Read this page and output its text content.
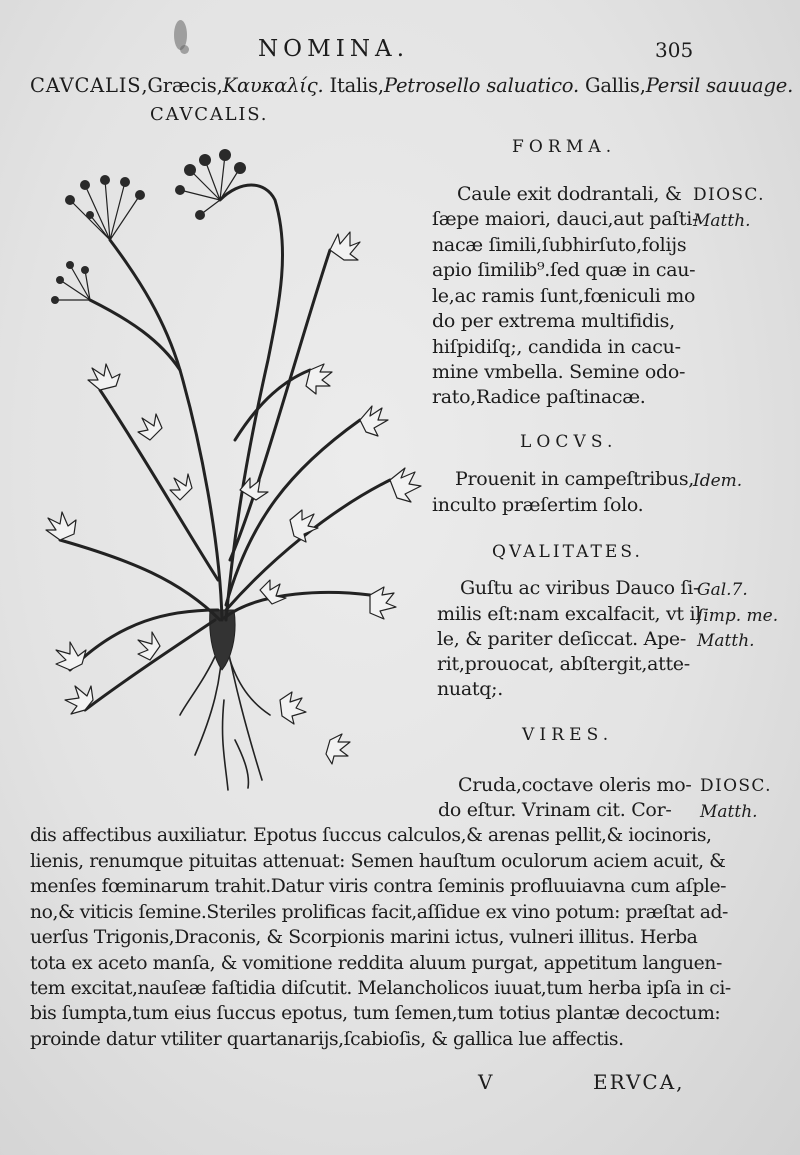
NOMINA.	305
CAVCALIS,Græcis,Καυκαλίς. Italis,Petrosello saluatico. Gallis,Persil sauuage.
CAVCALIS.
FORMA.
Caule exit dodrantali, &
ſæpe maiori, dauci,aut paſti-
nacæ ſimili,ſubhirſuto,folijs
apio ſimilib⁹.ſed quæ in cau-
le,ac ramis ſunt,fœniculi mo
do per extrema multifidis,
hiſpidiſq;, candida in cacu-
mine vmbella. Semine odo-
rato,Radice paſtinacæ.
DIOSC.
Matth.
LOCVS.
Prouenit in campeſtribus,
inculto præſertim ſolo.
Idem.
QVALITATES.
Guſtu ac viribus Dauco ſi-
milis eſt:nam excalfacit, vt il
le, & pariter deſiccat. Ape-
rit,prouocat, abſtergit,atte-
nuatq;.
Gal.7.
ſimp. me.
Matth.
VIRES.
Cruda,coctave oleris mo-
do eſtur. Vrinam cit. Cor-
DIOSC.
Matth.
dis affectibus auxiliatur. Epotus ſuccus calculos,& arenas pellit,& iocinoris,
lienis, renumque pituitas attenuat: Semen hauſtum oculorum aciem acuit, &
menſes fœminarum trahit.Datur viris contra ſeminis profluuiavna cum aſple-
no,& viticis ſemine.Steriles prolificas facit,aſſidue ex vino potum: præſtat ad-
uerſus Trigonis,Draconis, & Scorpionis marini ictus, vulneri illitus. Herba
tota ex aceto manſa, & vomitione reddita aluum purgat, appetitum languen-
tem excitat,nauſeæ faſtidia diſcutit. Melancholicos iuuat,tum herba ipſa in ci-
bis ſumpta,tum eius ſuccus epotus, tum ſemen,tum totius plantæ decoctum:
proinde datur vtiliter quartanarijs,ſcabioſis, & gallica lue affectis.
V	ERVCA,
